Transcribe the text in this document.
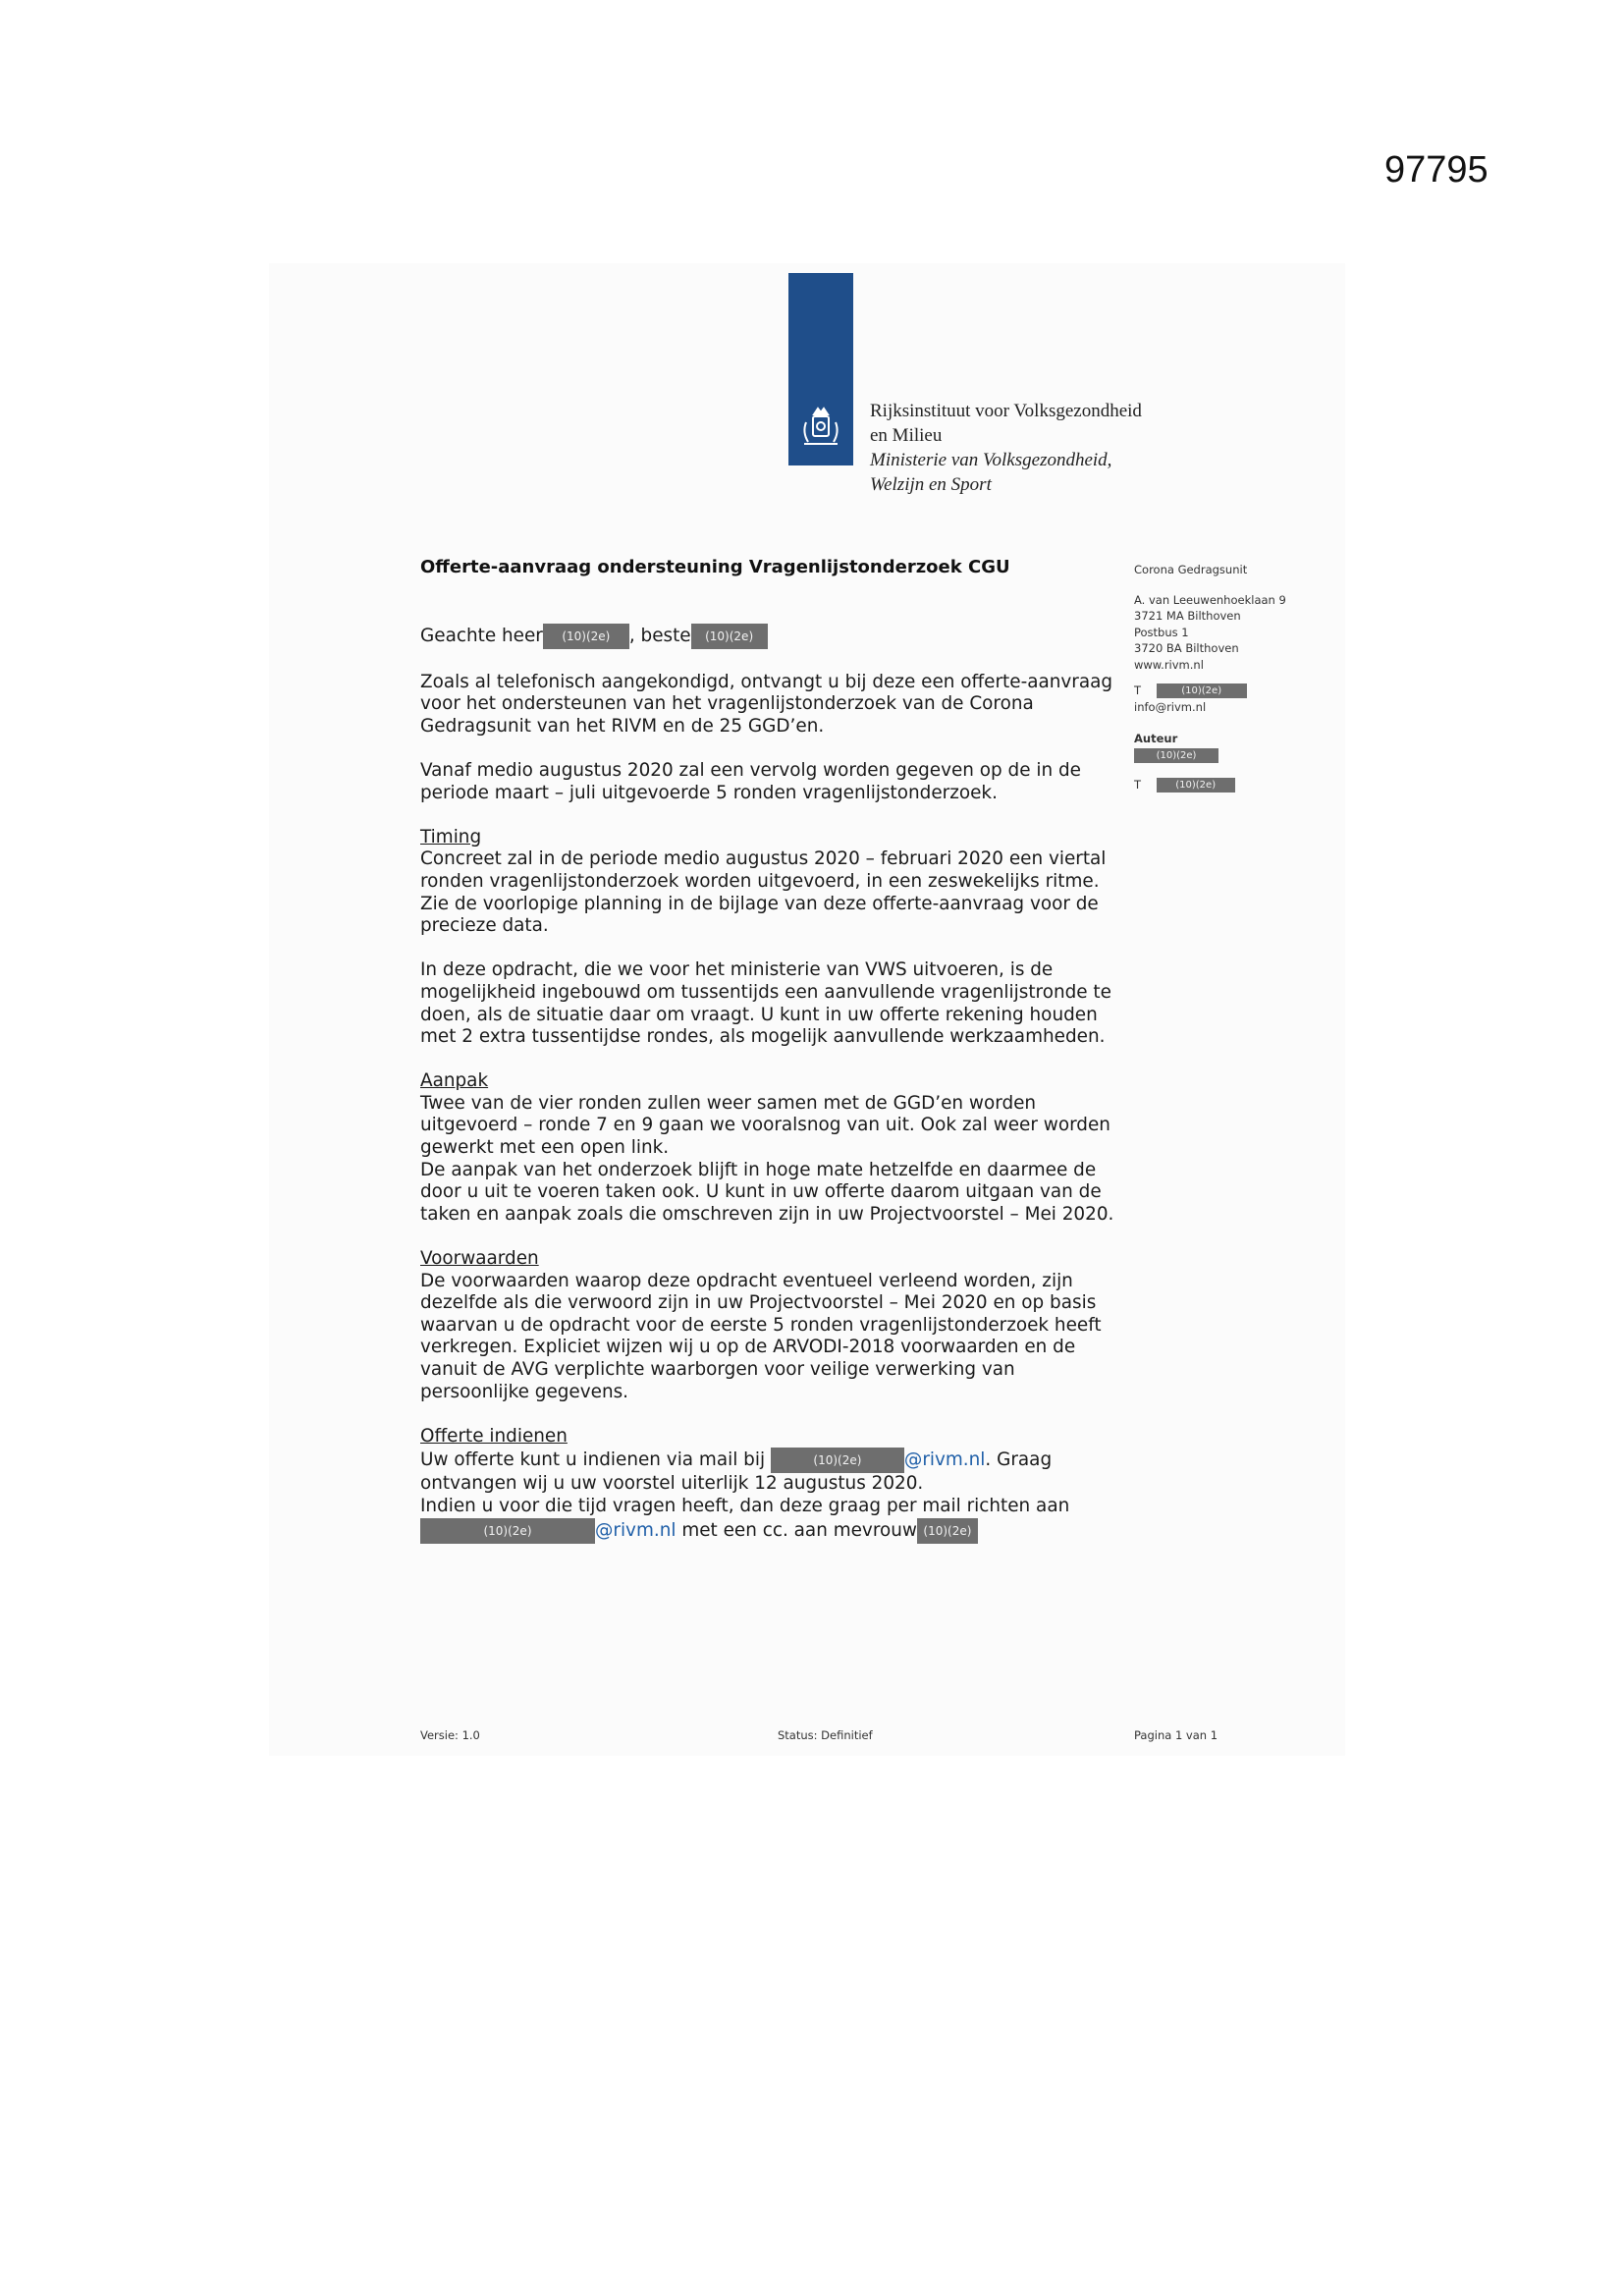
97795
Rijksinstituut voor Volksgezondheid
en Milieu
Ministerie van Volksgezondheid,
Welzijn en Sport
Offerte-aanvraag ondersteuning Vragenlijstonderzoek CGU

Geachte heer (10)(2e) , beste (10)(2e)

Zoals al telefonisch aangekondigd, ontvangt u bij deze een offerte-aanvraag voor het ondersteunen van het vragenlijstonderzoek van de Corona Gedragsunit van het RIVM en de 25 GGD’en.

Vanaf medio augustus 2020 zal een vervolg worden gegeven op de in de periode maart – juli uitgevoerde 5 ronden vragenlijstonderzoek.

Timing
Concreet zal in de periode medio augustus 2020 – februari 2020 een viertal ronden vragenlijstonderzoek worden uitgevoerd, in een zeswekelijks ritme. Zie de voorlopige planning in de bijlage van deze offerte-aanvraag voor de precieze data.

In deze opdracht, die we voor het ministerie van VWS uitvoeren, is de mogelijkheid ingebouwd om tussentijds een aanvullende vragenlijstronde te doen, als de situatie daar om vraagt. U kunt in uw offerte rekening houden met 2 extra tussentijdse rondes, als mogelijk aanvullende werkzaamheden.

Aanpak
Twee van de vier ronden zullen weer samen met de GGD’en worden uitgevoerd – ronde 7 en 9 gaan we vooralsnog van uit. Ook zal weer worden gewerkt met een open link.
De aanpak van het onderzoek blijft in hoge mate hetzelfde en daarmee de door u uit te voeren taken ook. U kunt in uw offerte daarom uitgaan van de taken en aanpak zoals die omschreven zijn in uw Projectvoorstel – Mei 2020.

Voorwaarden
De voorwaarden waarop deze opdracht eventueel verleend worden, zijn dezelfde als die verwoord zijn in uw Projectvoorstel – Mei 2020 en op basis waarvan u de opdracht voor de eerste 5 ronden vragenlijstonderzoek heeft verkregen. Expliciet wijzen wij u op de ARVODI-2018 voorwaarden en de vanuit de AVG verplichte waarborgen voor veilige verwerking van persoonlijke gegevens.

Offerte indienen
Uw offerte kunt u indienen via mail bij	(10)(2e) @rivm.nl. Graag ontvangen wij u uw voorstel uiterlijk 12 augustus 2020.
Indien u voor die tijd vragen heeft, dan deze graag per mail richten aan
(10)(2e)	@rivm.nl met een cc. aan mevrouw (10)(2e)

Corona Gedragsunit
A. van Leeuwenhoeklaan 9
3721 MA Bilthoven
Postbus 1
3720 BA Bilthoven
www.rivm.nl
T	(10)(2e)
info@rivm.nl
Auteur
(10)(2e)
T	(10)(2e)
Versie: 1.0	Status: Definitief	Pagina 1 van 1
